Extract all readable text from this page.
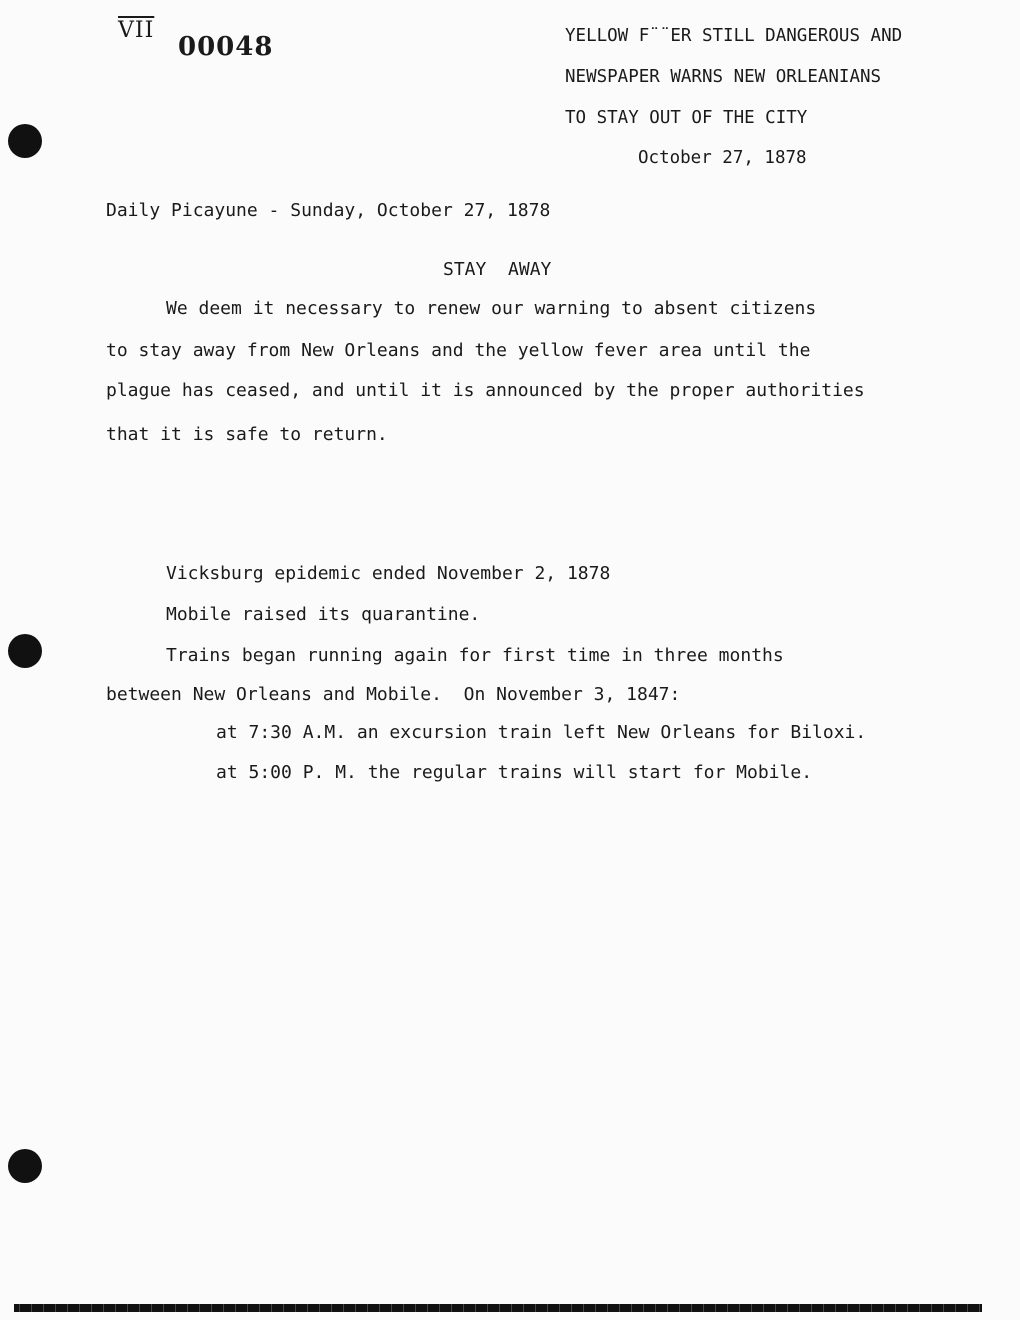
$\overline{VII}$
00048	YELLOW F¨¨ER STILL DANGEROUS AND
NEWSPAPER WARNS NEW ORLEANIANS
TO STAY OUT OF THE CITY
October 27, 1878
Daily Picayune - Sunday, October 27, 1878
STAY  AWAY
We deem it necessary to renew our warning to absent citizens
to stay away from New Orleans and the yellow fever area until the
plague has ceased, and until it is announced by the proper authorities
that it is safe to return.
Vicksburg epidemic ended November 2, 1878
Mobile raised its quarantine.
Trains began running again for first time in three months
between New Orleans and Mobile.  On November 3, 1847:
at 7:30 A.M. an excursion train left New Orleans for Biloxi.
at 5:00 P. M. the regular trains will start for Mobile.
